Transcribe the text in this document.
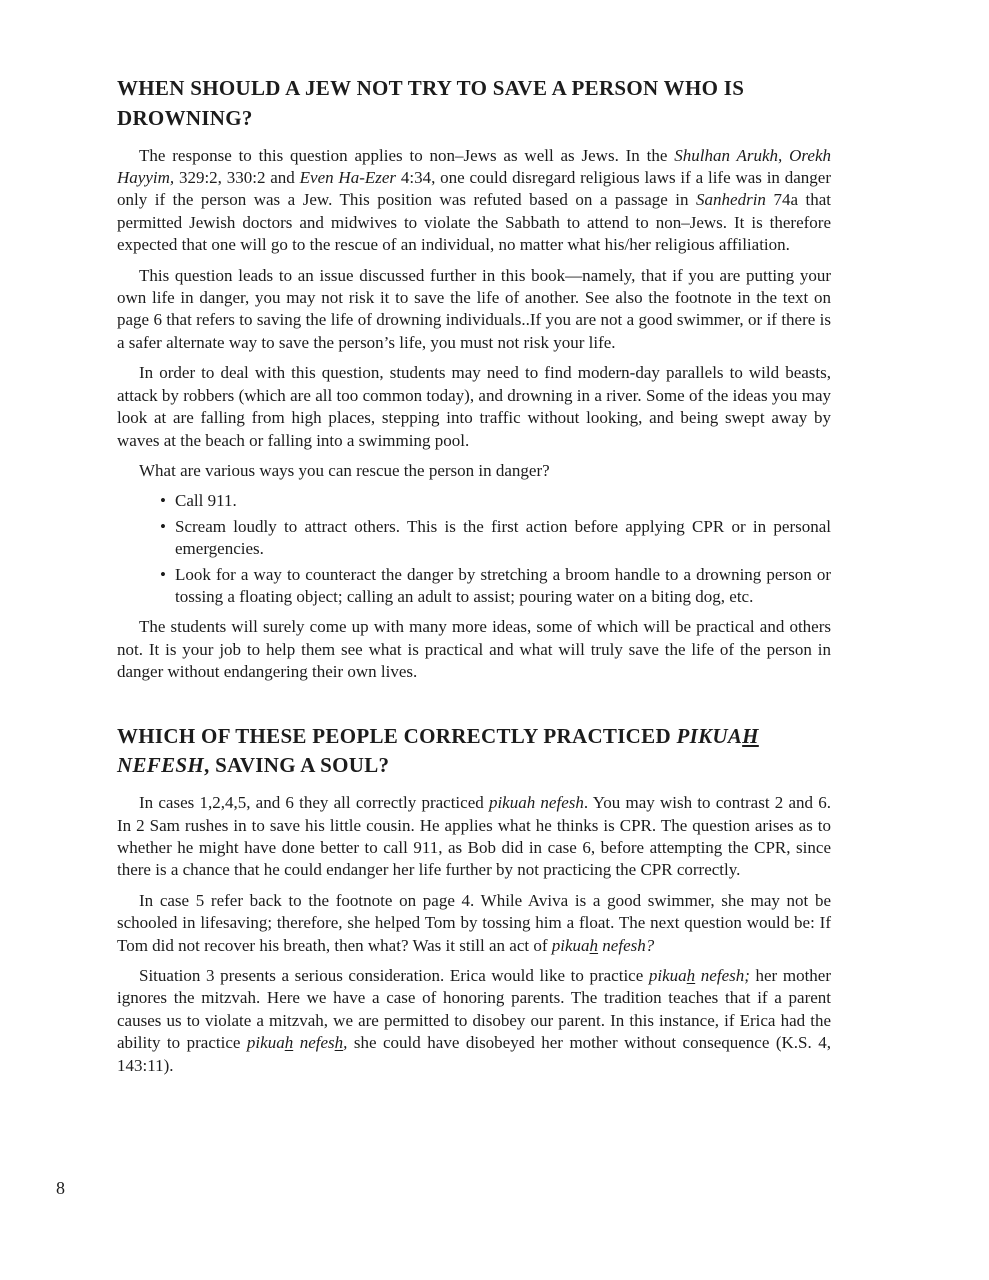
WHEN SHOULD A JEW NOT TRY TO SAVE A PERSON WHO IS DROWNING?

The response to this question applies to non–Jews as well as Jews. In the Shulhan Arukh, Orekh Hayyim, 329:2, 330:2 and Even Ha-Ezer 4:34, one could disregard religious laws if a life was in danger only if the person was a Jew. This position was refuted based on a passage in Sanhedrin 74a that permitted Jewish doctors and midwives to violate the Sabbath to attend to non–Jews. It is therefore expected that one will go to the rescue of an individual, no matter what his/her religious affiliation.

This question leads to an issue discussed further in this book—namely, that if you are putting your own life in danger, you may not risk it to save the life of another. See also the footnote in the text on page 6 that refers to saving the life of drowning individuals..If you are not a good swimmer, or if there is a safer alternate way to save the person’s life, you must not risk your life.

In order to deal with this question, students may need to find modern-day parallels to wild beasts, attack by robbers (which are all too common today), and drowning in a river. Some of the ideas you may look at are falling from high places, stepping into traffic without looking, and being swept away by waves at the beach or falling into a swimming pool.

What are various ways you can rescue the person in danger?

• Call 911.
• Scream loudly to attract others. This is the first action before applying CPR or in personal emergencies.
• Look for a way to counteract the danger by stretching a broom handle to a drowning person or tossing a floating object; calling an adult to assist; pouring water on a biting dog, etc.

The students will surely come up with many more ideas, some of which will be practical and others not. It is your job to help them see what is practical and what will truly save the life of the person in danger without endangering their own lives.

WHICH OF THESE PEOPLE CORRECTLY PRACTICED PIKUAH NEFESH, SAVING A SOUL?

In cases 1,2,4,5, and 6 they all correctly practiced pikuah nefesh. You may wish to contrast 2 and 6. In 2 Sam rushes in to save his little cousin. He applies what he thinks is CPR. The question arises as to whether he might have done better to call 911, as Bob did in case 6, before attempting the CPR, since there is a chance that he could endanger her life further by not practicing the CPR correctly.

In case 5 refer back to the footnote on page 4. While Aviva is a good swimmer, she may not be schooled in lifesaving; therefore, she helped Tom by tossing him a float. The next question would be: If Tom did not recover his breath, then what? Was it still an act of pikuah nefesh?

Situation 3 presents a serious consideration. Erica would like to practice pikuah nefesh; her mother ignores the mitzvah. Here we have a case of honoring parents. The tradition teaches that if a parent causes us to violate a mitzvah, we are permitted to disobey our parent. In this instance, if Erica had the ability to practice pikuah nefesh, she could have disobeyed her mother without consequence (K.S. 4, 143:11).

8
